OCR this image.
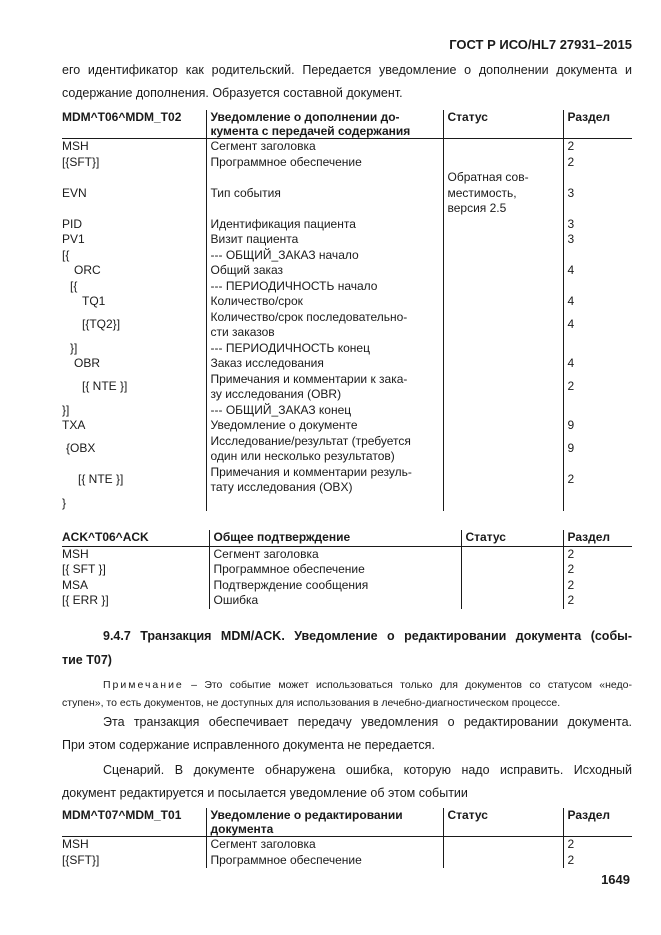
ГОСТ Р ИСО/HL7 27931–2015
его идентификатор как родительский. Передается уведомление о дополнении документа и
содержание дополнения. Образуется составной документ.
MDM^T06^MDM_T02	Уведомление о дополнении до-
кумента с передачей содержания	Статус	Раздел
MSH	Сегмент заголовка		2
[{SFT}]	Программное обеспечение		2
EVN	Тип события	Обратная сов-
местимость,
версия 2.5	3
PID	Идентификация пациента		3
PV1	Визит пациента		3
[{	--- ОБЩИЙ_ЗАКАЗ начало		
ORC	Общий заказ		4
[{	--- ПЕРИОДИЧНОСТЬ начало		
TQ1	Количество/срок		4
[{TQ2}]	Количество/срок последовательно-
сти заказов		4
}]	--- ПЕРИОДИЧНОСТЬ конец		
OBR	Заказ исследования		4
[{ NTE }]	Примечания и комментарии к зака-
зу исследования (OBR)		2
}]	--- ОБЩИЙ_ЗАКАЗ конец		
TXA	Уведомление о документе		9
{OBX	Исследование/результат (требуется
один или несколько результатов)		9
[{ NTE }]	Примечания и комментарии резуль-
тату исследования (OBX)		2
}			
ACK^T06^ACK	Общее подтверждение	Статус	Раздел
MSH	Сегмент заголовка		2
[{ SFT }]	Программное обеспечение		2
MSA	Подтверждение сообщения		2
[{ ERR }]	Ошибка		2
9.4.7 Транзакция MDM/ACK. Уведомление о редактировании документа (собы-
тие T07)
Примечание – Это событие может использоваться только для документов со статусом «недо-
ступен», то есть документов, не доступных для использования в лечебно-диагностическом процессе.
Эта транзакция обеспечивает передачу уведомления о редактировании документа.
При этом содержание исправленного документа не передается.
Сценарий. В документе обнаружена ошибка, которую надо исправить. Исходный
документ редактируется и посылается уведомление об этом событии
MDM^T07^MDM_T01	Уведомление о редактировании
документа	Статус	Раздел
MSH	Сегмент заголовка		2
[{SFT}]	Программное обеспечение		2
1649
